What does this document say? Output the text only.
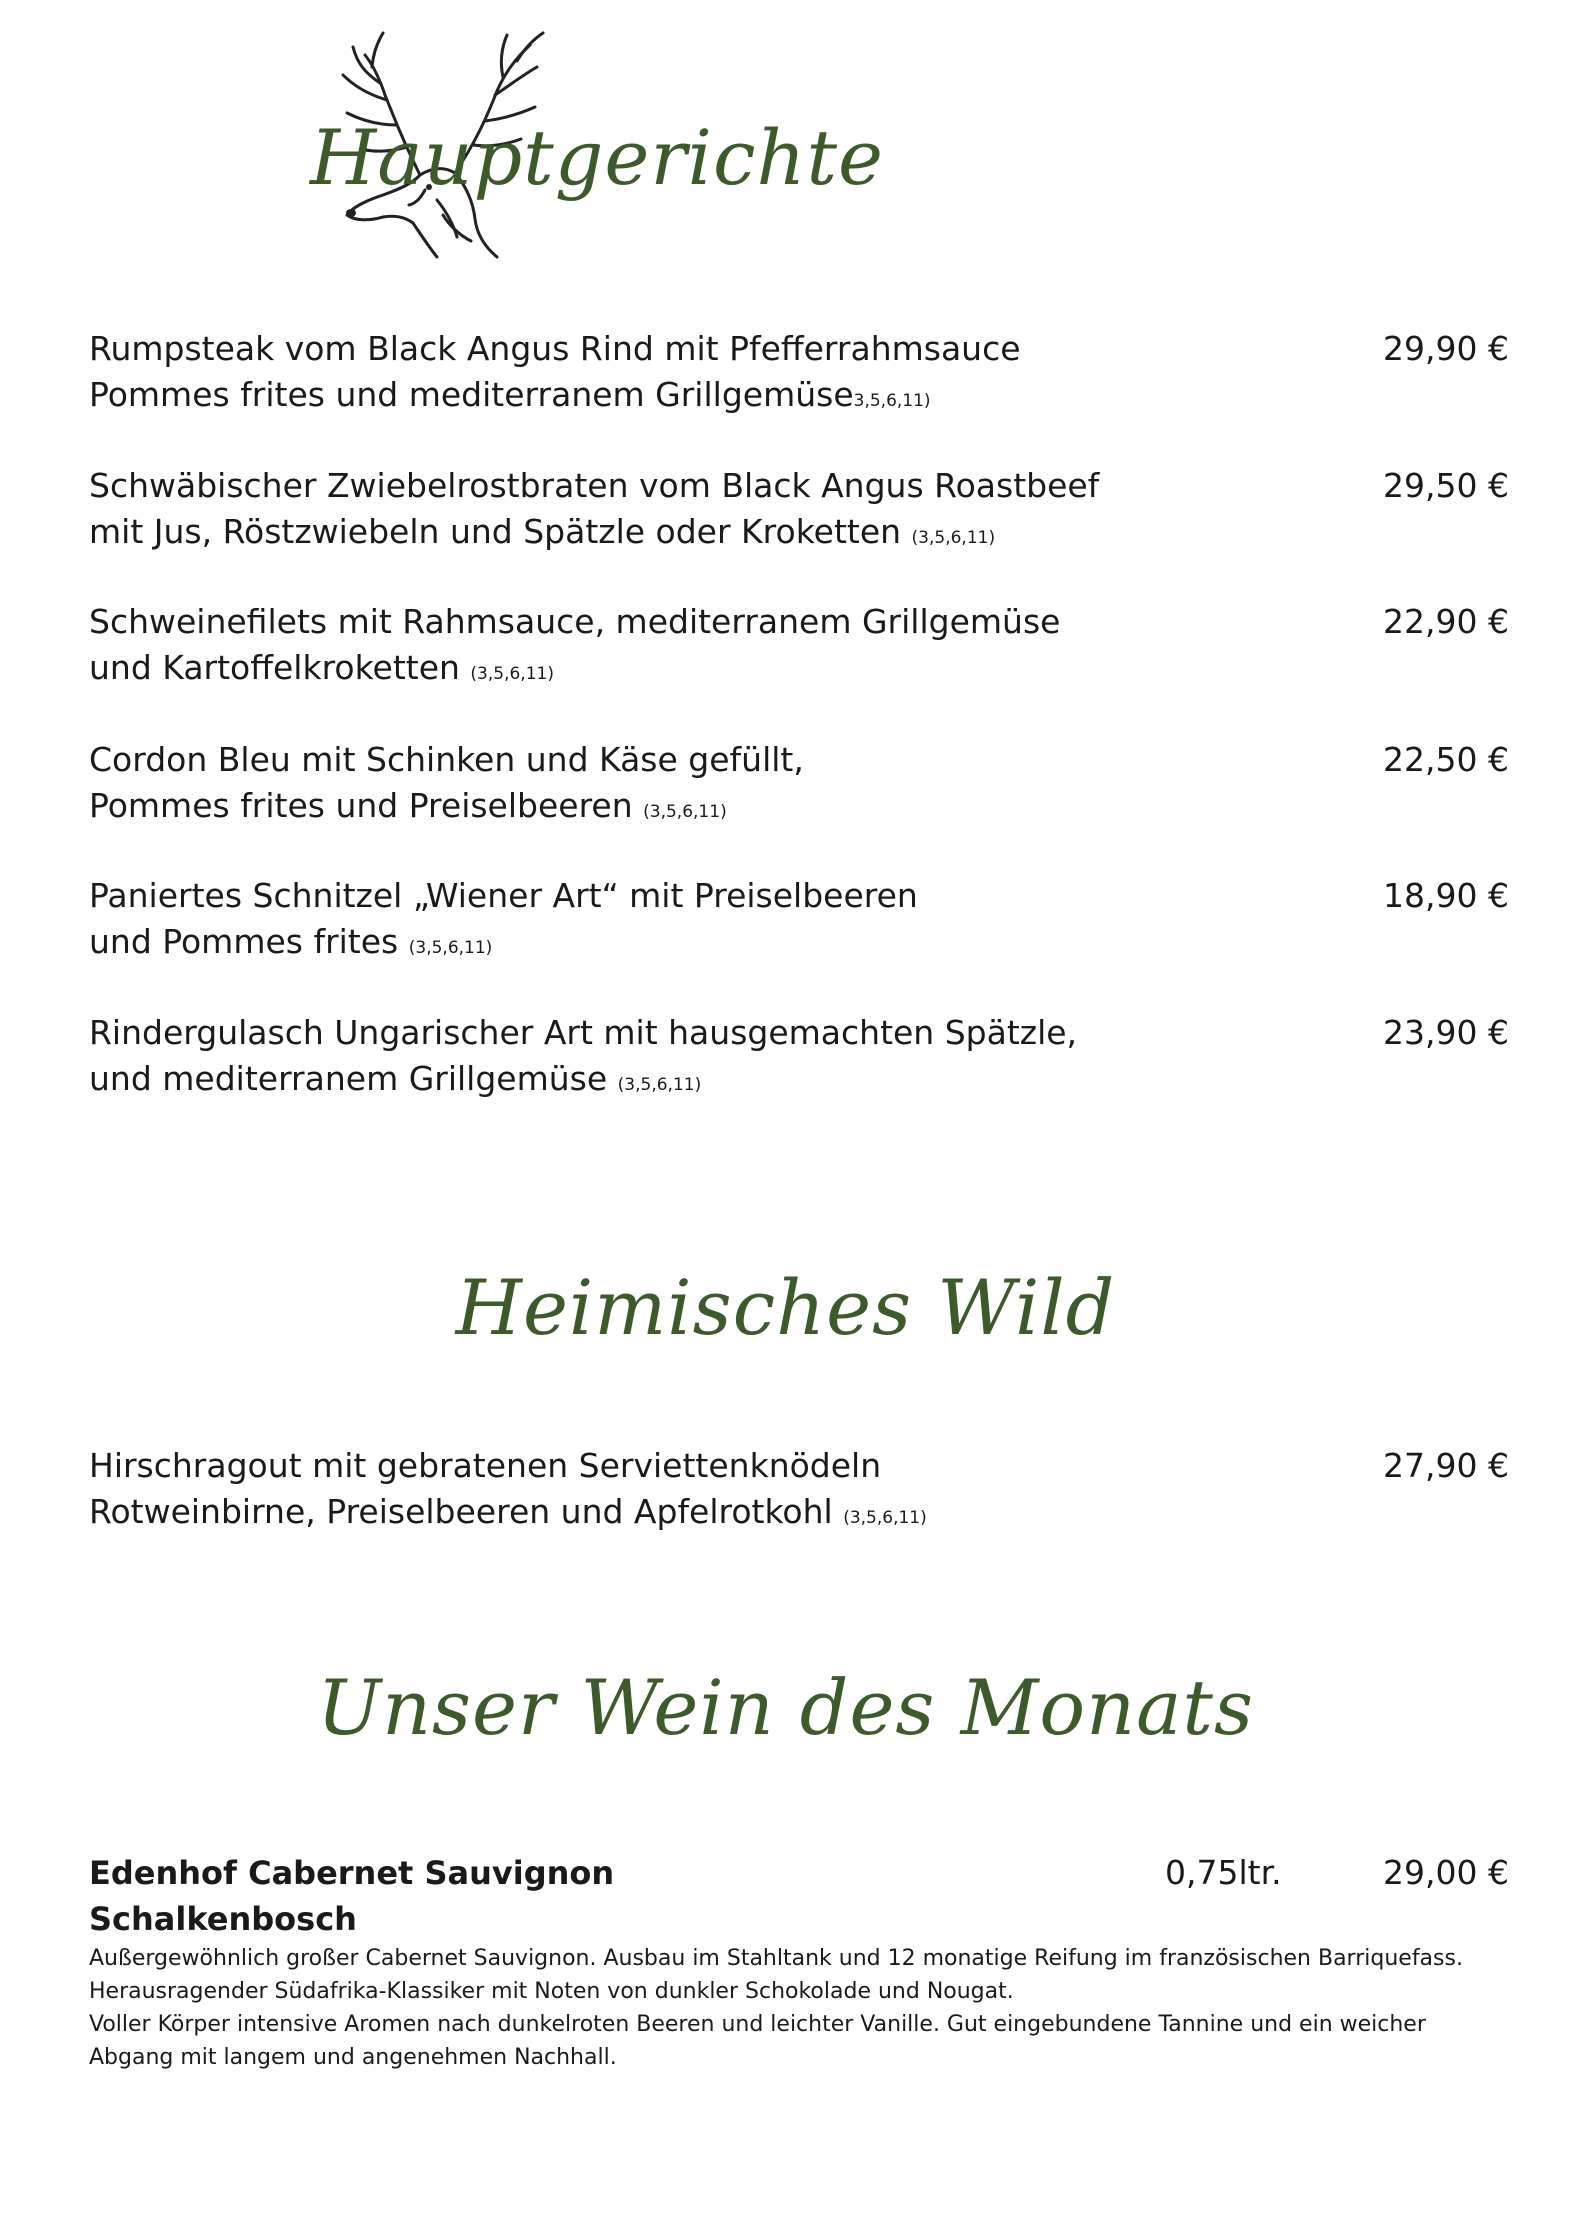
Hauptgerichte
Rumpsteak vom Black Angus Rind mit Pfefferrahmsauce
Pommes frites und mediterranem Grillgemüse3,5,6,11)
29,90 €
Schwäbischer Zwiebelrostbraten vom Black Angus Roastbeef
mit Jus, Röstzwiebeln und Spätzle oder Kroketten (3,5,6,11)
29,50 €
Schweinefilets mit Rahmsauce, mediterranem Grillgemüse
und Kartoffelkroketten (3,5,6,11)
22,90 €
Cordon Bleu mit Schinken und Käse gefüllt,
Pommes frites und Preiselbeeren (3,5,6,11)
22,50 €
Paniertes Schnitzel „Wiener Art“ mit Preiselbeeren
und Pommes frites (3,5,6,11)
18,90 €
Rindergulasch Ungarischer Art mit hausgemachten Spätzle,
und mediterranem Grillgemüse (3,5,6,11)
23,90 €
Heimisches Wild
Hirschragout mit gebratenen Serviettenknödeln
Rotweinbirne, Preiselbeeren und Apfelrotkohl (3,5,6,11)
27,90 €
Unser Wein des Monats
Edenhof Cabernet Sauvignon
Schalkenbosch
0,75ltr.	29,00 €
Außergewöhnlich großer Cabernet Sauvignon. Ausbau im Stahltank und 12 monatige Reifung im französischen Barriquefass.
Herausragender Südafrika-Klassiker mit Noten von dunkler Schokolade und Nougat.
Voller Körper intensive Aromen nach dunkelroten Beeren und leichter Vanille. Gut eingebundene Tannine und ein weicher
Abgang mit langem und angenehmen Nachhall.
